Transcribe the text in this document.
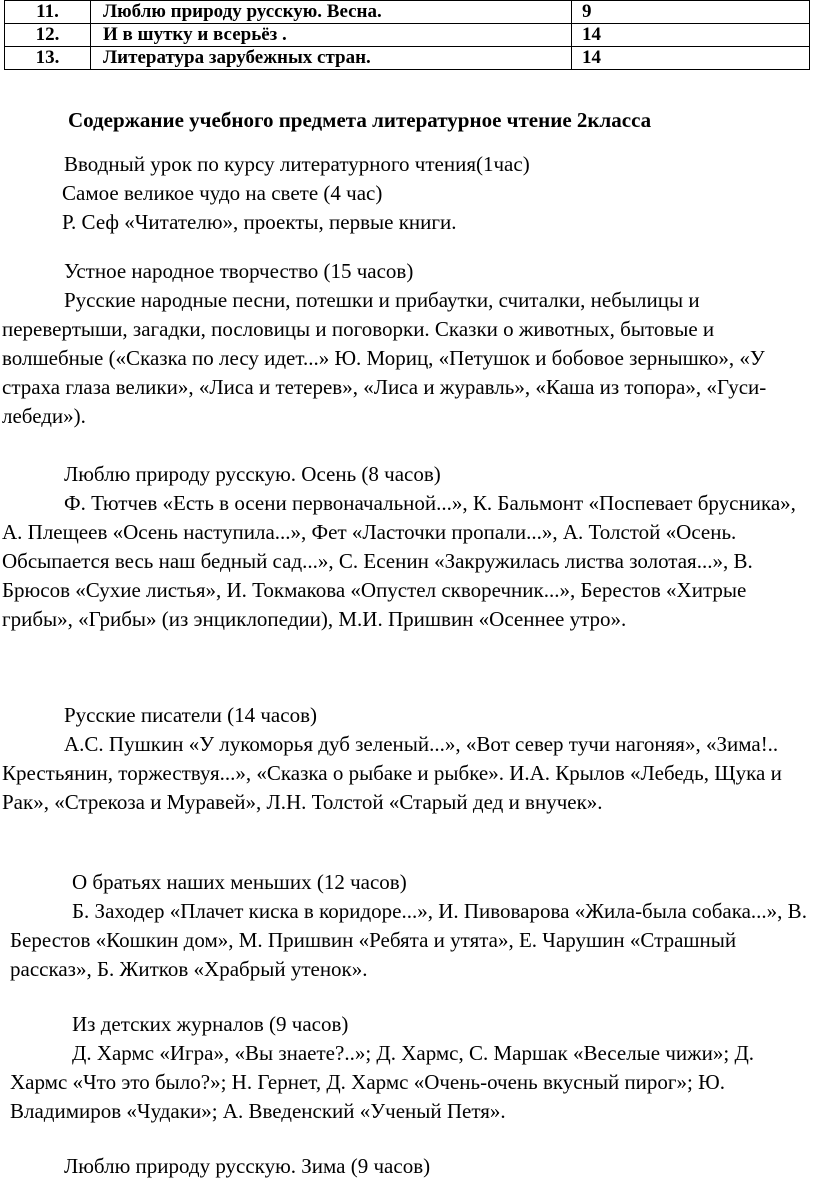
11.	Люблю природу русскую. Весна.	9
12.	И в шутку и всерьёз .	14
13.	Литература зарубежных стран.	14
Содержание учебного предмета литературное чтение 2класса

Вводный урок по курсу литературного чтения(1час)

Самое великое чудо на свете (4 час)

Р. Сеф «Читателю», проекты, первые книги.

Устное народное творчество (15 часов)

Русские народные песни, потешки и прибаутки, считалки, небылицы и перевертыши, загадки, пословицы и поговорки. Сказки о животных, бытовые и волшебные («Сказка по лесу идет...» Ю. Мориц, «Петушок и бобовое зернышко», «У страха глаза велики», «Лиса и тетерев», «Лиса и журавль», «Каша из топора», «Гуси-лебеди»).

Люблю природу русскую. Осень (8 часов)

Ф. Тютчев «Есть в осени первоначальной...», К. Бальмонт «Поспевает брусника», А. Плещеев «Осень наступила...», Фет «Ласточки пропали...», А. Толстой «Осень. Обсыпается весь наш бедный сад...», С. Есенин «Закружилась листва золотая...», В. Брюсов «Сухие листья», И. Токмакова «Опустел скворечник...», Берестов «Хитрые грибы», «Грибы» (из энциклопедии), М.И. Пришвин «Осеннее утро».

Русские писатели (14 часов)

А.С. Пушкин «У лукоморья дуб зеленый...», «Вот север тучи нагоняя», «Зима!.. Крестьянин, торжествуя...», «Сказка о рыбаке и рыбке». И.А. Крылов «Лебедь, Щука и Рак», «Стрекоза и Муравей», Л.Н. Толстой «Старый дед и внучек».

О братьях наших меньших (12 часов)

Б. Заходер «Плачет киска в коридоре...», И. Пивоварова «Жила-была собака...», В. Берестов «Кошкин дом», М. Пришвин «Ребята и утята», Е. Чарушин «Страшный рассказ», Б. Житков «Храбрый утенок».

Из детских журналов (9 часов)

Д. Хармс «Игра», «Вы знаете?..»; Д. Хармс, С. Маршак «Веселые чижи»; Д. Хармс «Что это было?»; Н. Гернет, Д. Хармс «Очень-очень вкусный пирог»; Ю. Владимиров «Чудаки»; А. Введенский «Ученый Петя».

Люблю природу русскую. Зима (9 часов)
